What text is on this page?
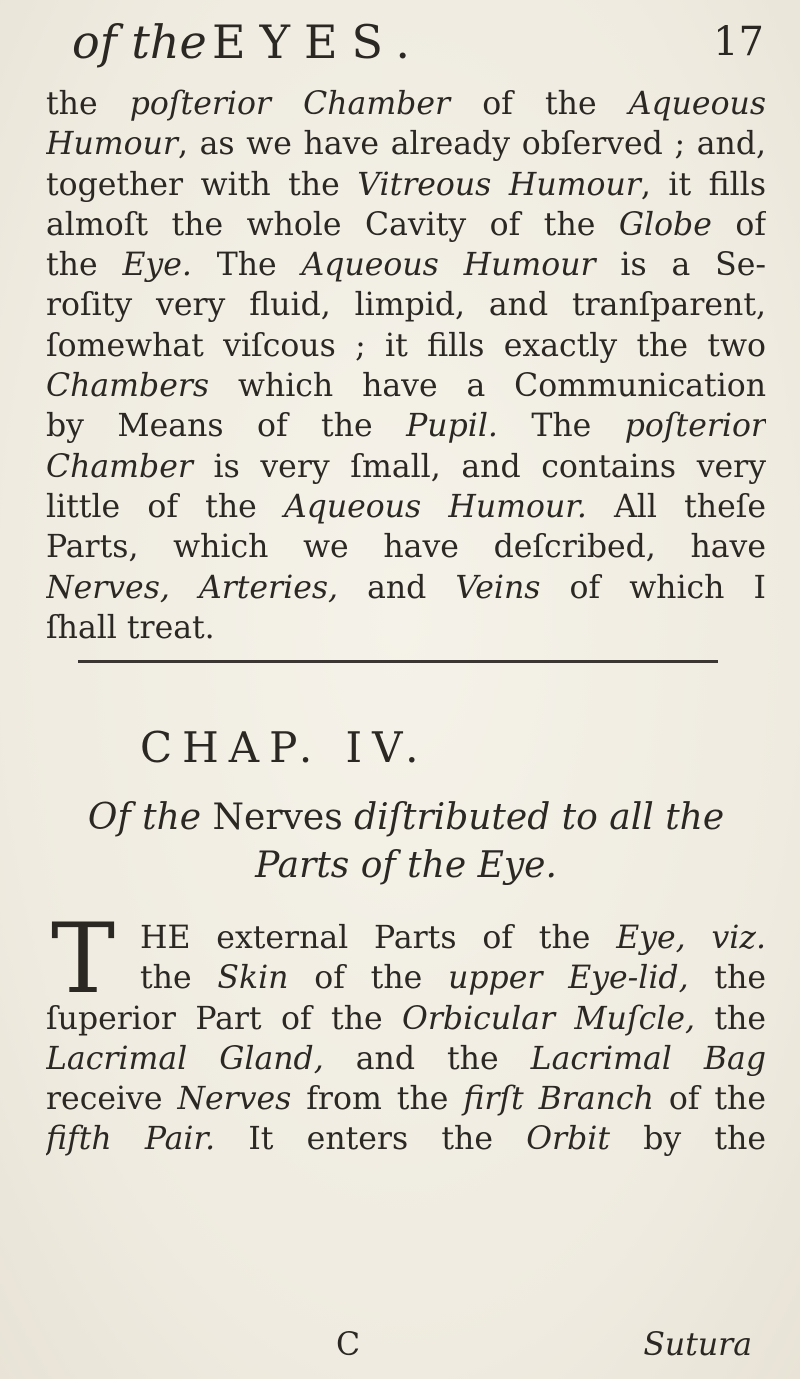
of the EYES.	17
the poſterior Chamber of the Aqueous
Humour, as we have already obſerved ; and,
together with the Vitreous Humour, it fills
almoſt the whole Cavity of the Globe of
the Eye. The Aqueous Humour is a Se-
roſity very fluid, limpid, and tranſparent,
ſomewhat viſcous ; it fills exactly the two
Chambers which have a Communication
by Means of the Pupil. The poſterior
Chamber is very ſmall, and contains very
little of the Aqueous Humour. All theſe
Parts, which we have deſcribed, have
Nerves, Arteries, and Veins of which I
ſhall treat.
CHAP. IV.
Of the Nerves diſtributed to all the
Parts of the Eye.
T HE external Parts of the Eye, viz.
the Skin of the upper Eye-lid, the
ſuperior Part of the Orbicular Muſcle, the
Lacrimal Gland, and the Lacrimal Bag
receive Nerves from the firſt Branch of the
fifth Pair. It enters the Orbit by the
C	Sutura
